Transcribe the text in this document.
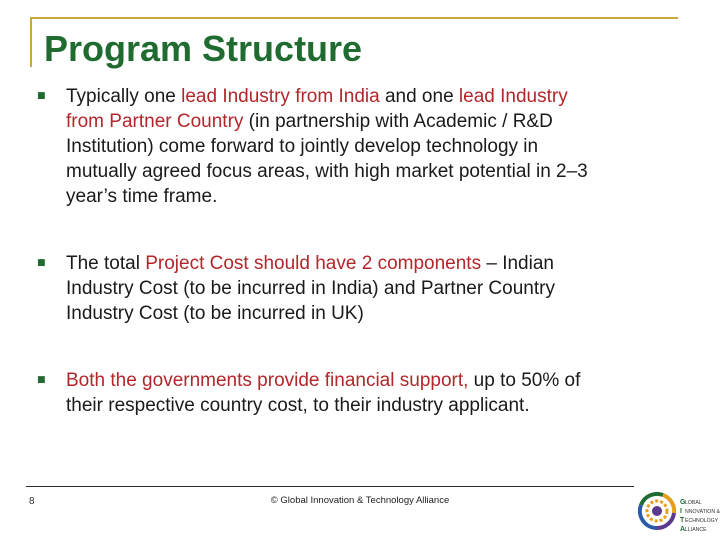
Program Structure
■ Typically one lead Industry from India and one lead Industry
from Partner Country (in partnership with Academic / R&D
Institution) come forward to jointly develop technology in
mutually agreed focus areas, with high market potential in 2–3
year’s time frame.
■ The total Project Cost should have 2 components – Indian
Industry Cost (to be incurred in India) and Partner Country
Industry Cost (to be incurred in UK)
■ Both the governments provide financial support, up to 50% of
their respective country cost, to their industry applicant.
8	© Global Innovation & Technology Alliance	G LOBAL
I NNOVATION &
T ECHNOLOGY
A LLIANCE
